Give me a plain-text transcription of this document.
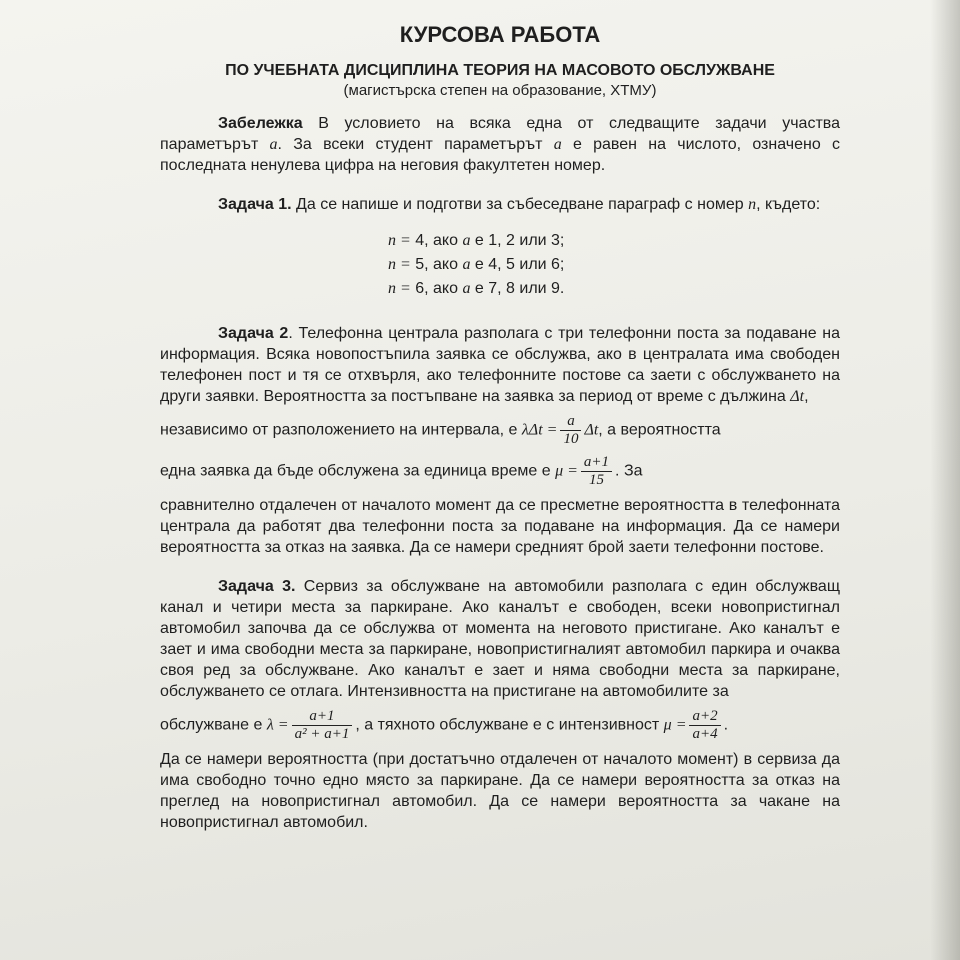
КУРСОВА РАБОТА
ПО УЧЕБНАТА ДИСЦИПЛИНА ТЕОРИЯ НА МАСОВОТО ОБСЛУЖВАНЕ
(магистърска степен на образование, ХТМУ)

Забележка В условието на всяка една от следващите задачи участва параметърът a. За всеки студент параметърът a е равен на числото, означено с последната ненулева цифра на неговия факултетен номер.

Задача 1. Да се напише и подготви за събеседване параграф с номер n, където:

n = 4, ако a е 1, 2 или 3;
n = 5, ако a е 4, 5 или 6;
n = 6, ако a е 7, 8 или 9.

Задача 2. Телефонна централа разполага с три телефонни поста за подаване на информация. Всяка новопостъпила заявка се обслужва, ако в централата има свободен телефонен пост и тя се отхвърля, ако телефонните постове са заети с обслужването на други заявки. Вероятността за постъпване на заявка за период от време с дължина Δt,

независимо от разположението на интервала, е $\lambda\Delta t = \frac{a}{10} \Delta t$, а вероятността

една заявка да бъде обслужена за единица време е $\mu = \frac{a+1}{15}$ . За

сравнително отдалечен от началото момент да се пресметне вероятността в телефонната централа да работят два телефонни поста за подаване на информация. Да се намери вероятността за отказ на заявка. Да се намери средният брой заети телефонни постове.

Задача 3. Сервиз за обслужване на автомобили разполага с един обслужващ канал и четири места за паркиране. Ако каналът е свободен, всеки новопристигнал автомобил започва да се обслужва от момента на неговото пристигане. Ако каналът е зает и има свободни места за паркиране, новопристигналият автомобил паркира и очаква своя ред за обслужване. Ако каналът е зает и няма свободни места за паркиране, обслужването се отлага. Интензивността на пристигане на автомобилите за

обслужване е $\lambda = \frac{a+1}{\text{a² + a+1}}$ , а тяхното обслужване е с интензивност $\mu = \frac{a+2}{a+4}$ .

Да се намери вероятността (при достатъчно отдалечен от началото момент) в сервиза да има свободно точно едно място за паркиране. Да се намери вероятността за отказ на преглед на новопристигнал автомобил. Да се намери вероятността за чакане на новопристигнал автомобил.
